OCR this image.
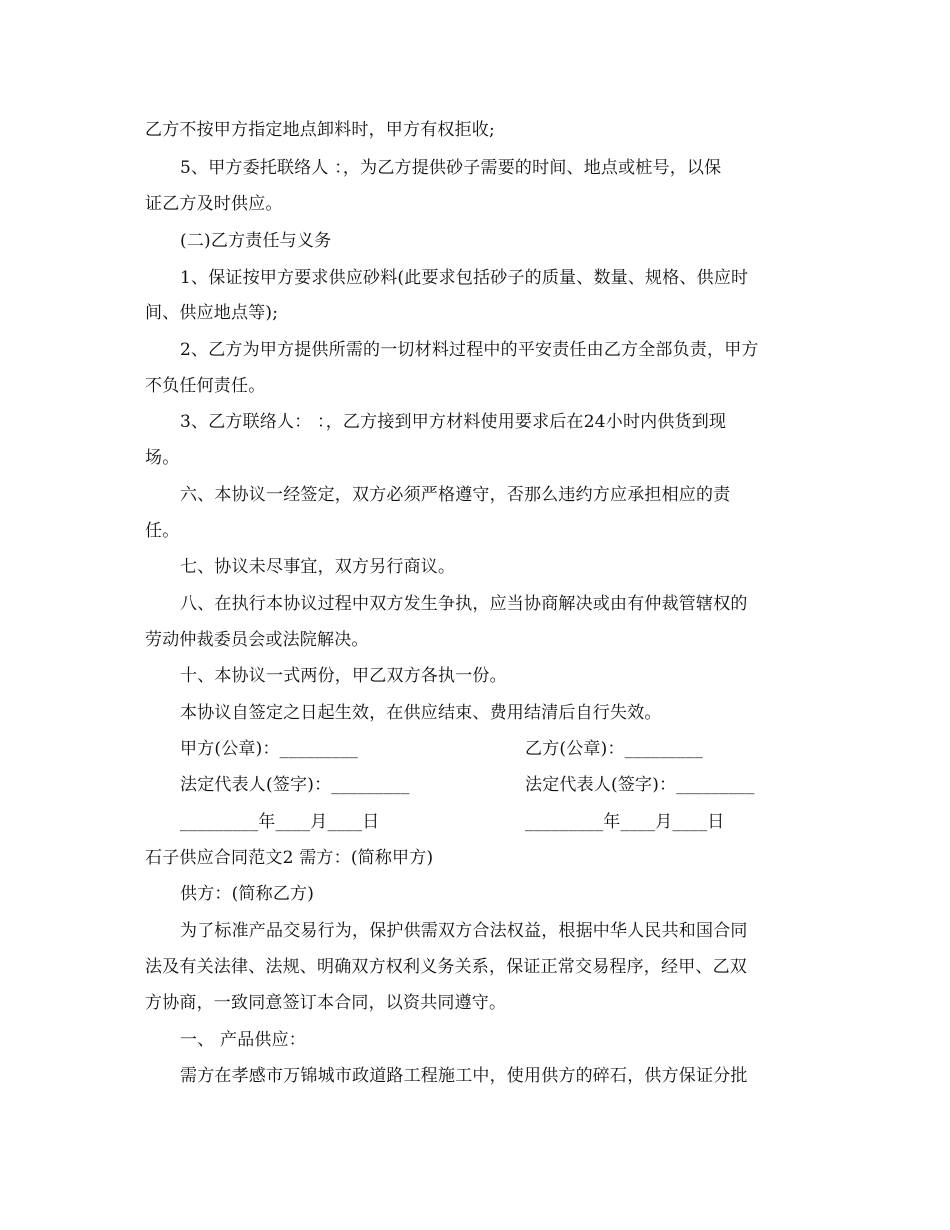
乙方不按甲方指定地点卸料时，甲方有权拒收;
5、甲方委托联络人 ：，为乙方提供砂子需要的时间、地点或桩号，以保
证乙方及时供应。
(二)乙方责任与义务
1、保证按甲方要求供应砂料(此要求包括砂子的质量、数量、规格、供应时
间、供应地点等);
2、乙方为甲方提供所需的一切材料过程中的平安责任由乙方全部负责，甲方
不负任何责任。
3、乙方联络人： ：，乙方接到甲方材料使用要求后在24小时内供货到现
场。
六、本协议一经签定，双方必须严格遵守，否那么违约方应承担相应的责
任。
七、协议未尽事宜，双方另行商议。
八、在执行本协议过程中双方发生争执，应当协商解决或由有仲裁管辖权的
劳动仲裁委员会或法院解决。
十、本协议一式两份，甲乙双方各执一份。
本协议自签定之日起生效，在供应结束、费用结清后自行失效。
甲方(公章)：_________	乙方(公章)：_________
法定代表人(签字)：_________	法定代表人(签字)：_________
_________年____月____日	_________年____月____日
石子供应合同范文2 需方：(简称甲方)
供方：(简称乙方)
为了标准产品交易行为，保护供需双方合法权益，根据中华人民共和国合同
法及有关法律、法规、明确双方权利义务关系，保证正常交易程序，经甲、乙双
方协商，一致同意签订本合同，以资共同遵守。
一、 产品供应：
需方在孝感市万锦城市政道路工程施工中，使用供方的碎石，供方保证分批
